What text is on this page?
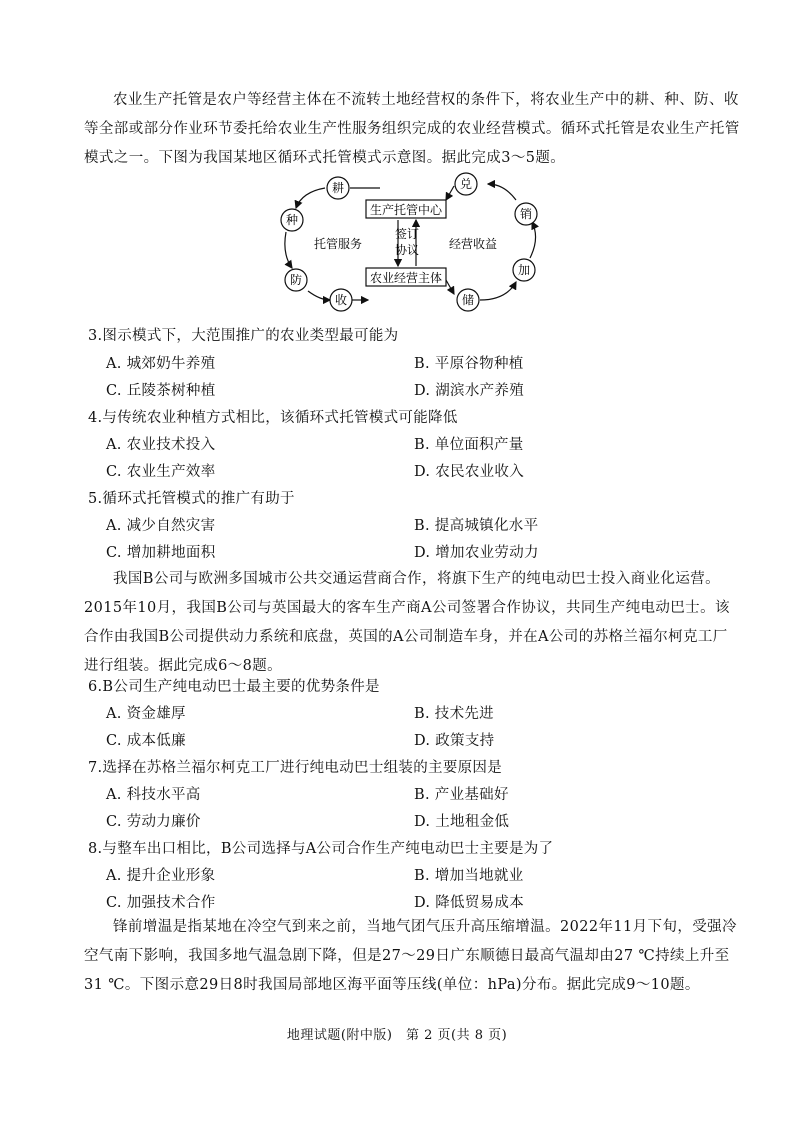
农业生产托管是农户等经营主体在不流转土地经营权的条件下，将农业生产中的耕、种、防、收等全部或部分作业环节委托给农业生产性服务组织完成的农业经营模式。循环式托管是农业生产托管模式之一。下图为我国某地区循环式托管模式示意图。据此完成3～5题。
生产托管中心
农业经营主体
托管服务
签订
协议 经营收益
耕
种
防
收	储
加
销
兑
3.图示模式下，大范围推广的农业类型最可能为
A. 城郊奶牛养殖	B. 平原谷物种植
C. 丘陵茶树种植	D. 湖滨水产养殖
4.与传统农业种植方式相比，该循环式托管模式可能降低
A. 农业技术投入	B. 单位面积产量
C. 农业生产效率	D. 农民农业收入
5.循环式托管模式的推广有助于
A. 减少自然灾害	B. 提高城镇化水平
C. 增加耕地面积	D. 增加农业劳动力
我国B公司与欧洲多国城市公共交通运营商合作，将旗下生产的纯电动巴士投入商业化运营。2015年10月，我国B公司与英国最大的客车生产商A公司签署合作协议，共同生产纯电动巴士。该合作由我国B公司提供动力系统和底盘，英国的A公司制造车身，并在A公司的苏格兰福尔柯克工厂进行组装。据此完成6～8题。
6.B公司生产纯电动巴士最主要的优势条件是
A. 资金雄厚	B. 技术先进
C. 成本低廉	D. 政策支持
7.选择在苏格兰福尔柯克工厂进行纯电动巴士组装的主要原因是
A. 科技水平高	B. 产业基础好
C. 劳动力廉价	D. 土地租金低
8.与整车出口相比，B公司选择与A公司合作生产纯电动巴士主要是为了
A. 提升企业形象	B. 增加当地就业
C. 加强技术合作	D. 降低贸易成本
锋前增温是指某地在冷空气到来之前，当地气团气压升高压缩增温。2022年11月下旬，受强冷空气南下影响，我国多地气温急剧下降，但是27～29日广东顺德日最高气温却由27 ℃持续上升至31 ℃。下图示意29日8时我国局部地区海平面等压线(单位：hPa)分布。据此完成9～10题。
地理试题(附中版)　第 2 页(共 8 页)
